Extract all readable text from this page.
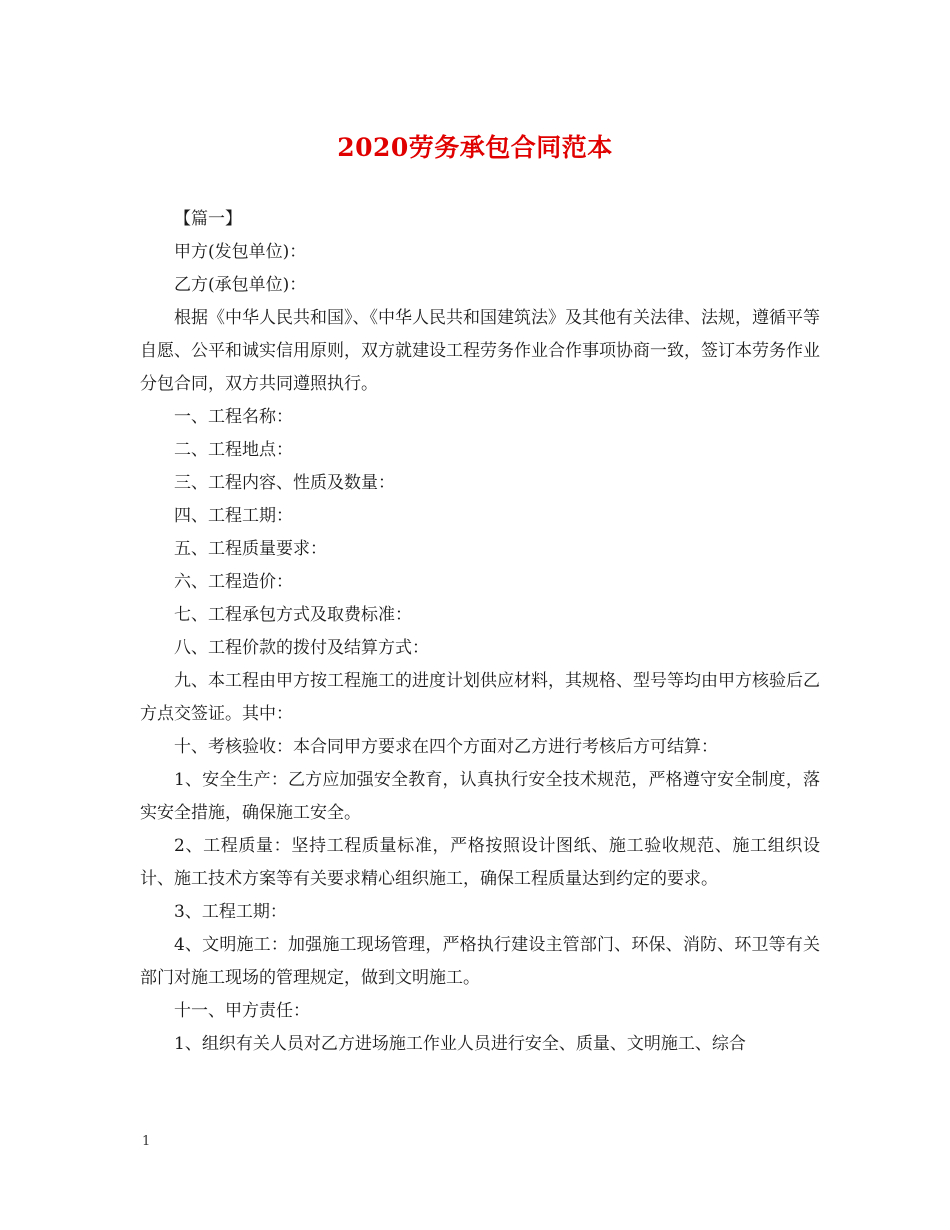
2020劳务承包合同范本

【篇一】

甲方(发包单位)：

乙方(承包单位)：

根据《中华人民共和国》、《中华人民共和国建筑法》及其他有关法律、法规，遵循平等自愿、公平和诚实信用原则，双方就建设工程劳务作业合作事项协商一致，签订本劳务作业分包合同，双方共同遵照执行。

一、工程名称：

二、工程地点：

三、工程内容、性质及数量：

四、工程工期：

五、工程质量要求：

六、工程造价：

七、工程承包方式及取费标准：

八、工程价款的拨付及结算方式：

九、本工程由甲方按工程施工的进度计划供应材料，其规格、型号等均由甲方核验后乙方点交签证。其中：

十、考核验收：本合同甲方要求在四个方面对乙方进行考核后方可结算：

1、安全生产：乙方应加强安全教育，认真执行安全技术规范，严格遵守安全制度，落实安全措施，确保施工安全。

2、工程质量：坚持工程质量标准，严格按照设计图纸、施工验收规范、施工组织设计、施工技术方案等有关要求精心组织施工，确保工程质量达到约定的要求。

3、工程工期：

4、文明施工：加强施工现场管理，严格执行建设主管部门、环保、消防、环卫等有关部门对施工现场的管理规定，做到文明施工。

十一、甲方责任：

1、组织有关人员对乙方进场施工作业人员进行安全、质量、文明施工、综合

1
